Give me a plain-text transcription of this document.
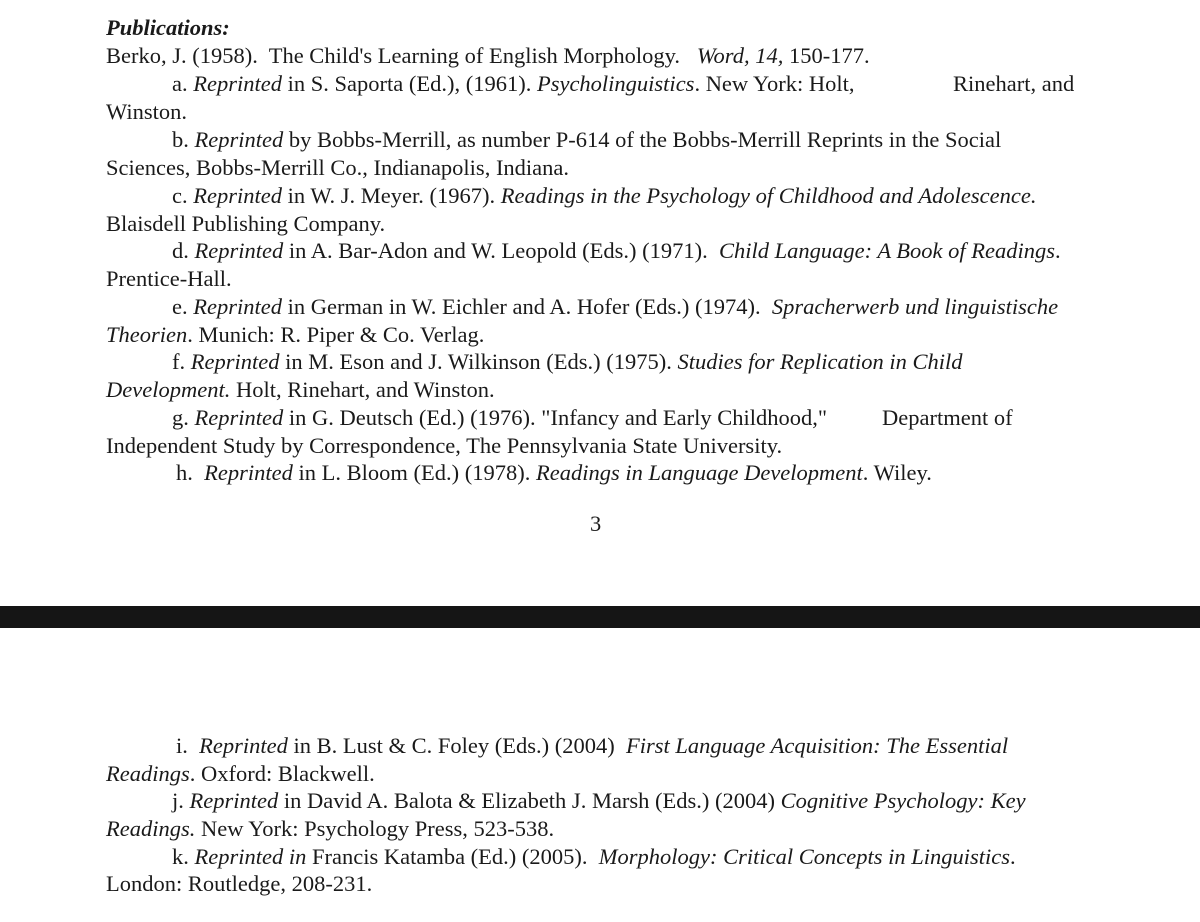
Publications:
Berko, J. (1958). The Child's Learning of English Morphology. Word, 14, 150-177.
a. Reprinted in S. Saporta (Ed.), (1961). Psycholinguistics. New York: Holt,	Rinehart, and
Winston.
b. Reprinted by Bobbs-Merrill, as number P-614 of the Bobbs-Merrill Reprints in the Social
Sciences, Bobbs-Merrill Co., Indianapolis, Indiana.
c. Reprinted in W. J. Meyer. (1967). Readings in the Psychology of Childhood and Adolescence.
Blaisdell Publishing Company.
d. Reprinted in A. Bar-Adon and W. Leopold (Eds.) (1971). Child Language: A Book of Readings.
Prentice-Hall.
e. Reprinted in German in W. Eichler and A. Hofer (Eds.) (1974). Spracherwerb und linguistische
Theorien. Munich: R. Piper & Co. Verlag.
f. Reprinted in M. Eson and J. Wilkinson (Eds.) (1975). Studies for Replication in Child
Development. Holt, Rinehart, and Winston.
g. Reprinted in G. Deutsch (Ed.) (1976). "Infancy and Early Childhood," Department of
Independent Study by Correspondence, The Pennsylvania State University.
h. Reprinted in L. Bloom (Ed.) (1978). Readings in Language Development. Wiley.
3
i. Reprinted in B. Lust & C. Foley (Eds.) (2004) First Language Acquisition: The Essential
Readings. Oxford: Blackwell.
j. Reprinted in David A. Balota & Elizabeth J. Marsh (Eds.) (2004) Cognitive Psychology: Key
Readings. New York: Psychology Press, 523-538.
k. Reprinted in Francis Katamba (Ed.) (2005). Morphology: Critical Concepts in Linguistics.
London: Routledge, 208-231.
